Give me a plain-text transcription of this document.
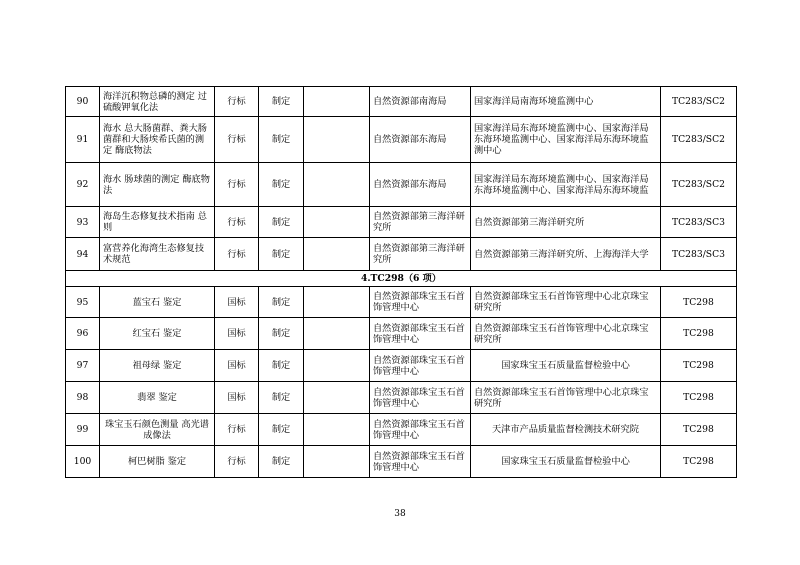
90	海洋沉积物总磷的测定 过硫酸钾氧化法	行标	制定		自然资源部南海局	国家海洋局南海环境监测中心	TC283/SC2
91	海水 总大肠菌群、粪大肠菌群和大肠埃希氏菌的测定 酶底物法	行标	制定		自然资源部东海局	国家海洋局东海环境监测中心、国家海洋局东海环境监测中心、国家海洋局东海环境监测中心	TC283/SC2
92	海水 肠球菌的测定 酶底物法	行标	制定		自然资源部东海局	国家海洋局东海环境监测中心、国家海洋局东海环境监测中心、国家海洋局东海环境监	TC283/SC2
93	海岛生态修复技术指南 总则	行标	制定		自然资源部第三海洋研究所	自然资源部第三海洋研究所	TC283/SC3
94	富营养化海湾生态修复技术规范	行标	制定		自然资源部第三海洋研究所	自然资源部第三海洋研究所、上海海洋大学	TC283/SC3
4.TC298（6 项）							
95	蓝宝石 鉴定	国标	制定		自然资源部珠宝玉石首饰管理中心	自然资源部珠宝玉石首饰管理中心北京珠宝研究所	TC298
96	红宝石 鉴定	国标	制定		自然资源部珠宝玉石首饰管理中心	自然资源部珠宝玉石首饰管理中心北京珠宝研究所	TC298
97	祖母绿 鉴定	国标	制定		自然资源部珠宝玉石首饰管理中心	国家珠宝玉石质量监督检验中心	TC298
98	翡翠 鉴定	国标	制定		自然资源部珠宝玉石首饰管理中心	自然资源部珠宝玉石首饰管理中心北京珠宝研究所	TC298
99	珠宝玉石颜色测量 高光谱成像法	行标	制定		自然资源部珠宝玉石首饰管理中心	天津市产品质量监督检测技术研究院	TC298
100	柯巴树脂 鉴定	行标	制定		自然资源部珠宝玉石首饰管理中心	国家珠宝玉石质量监督检验中心	TC298
38
